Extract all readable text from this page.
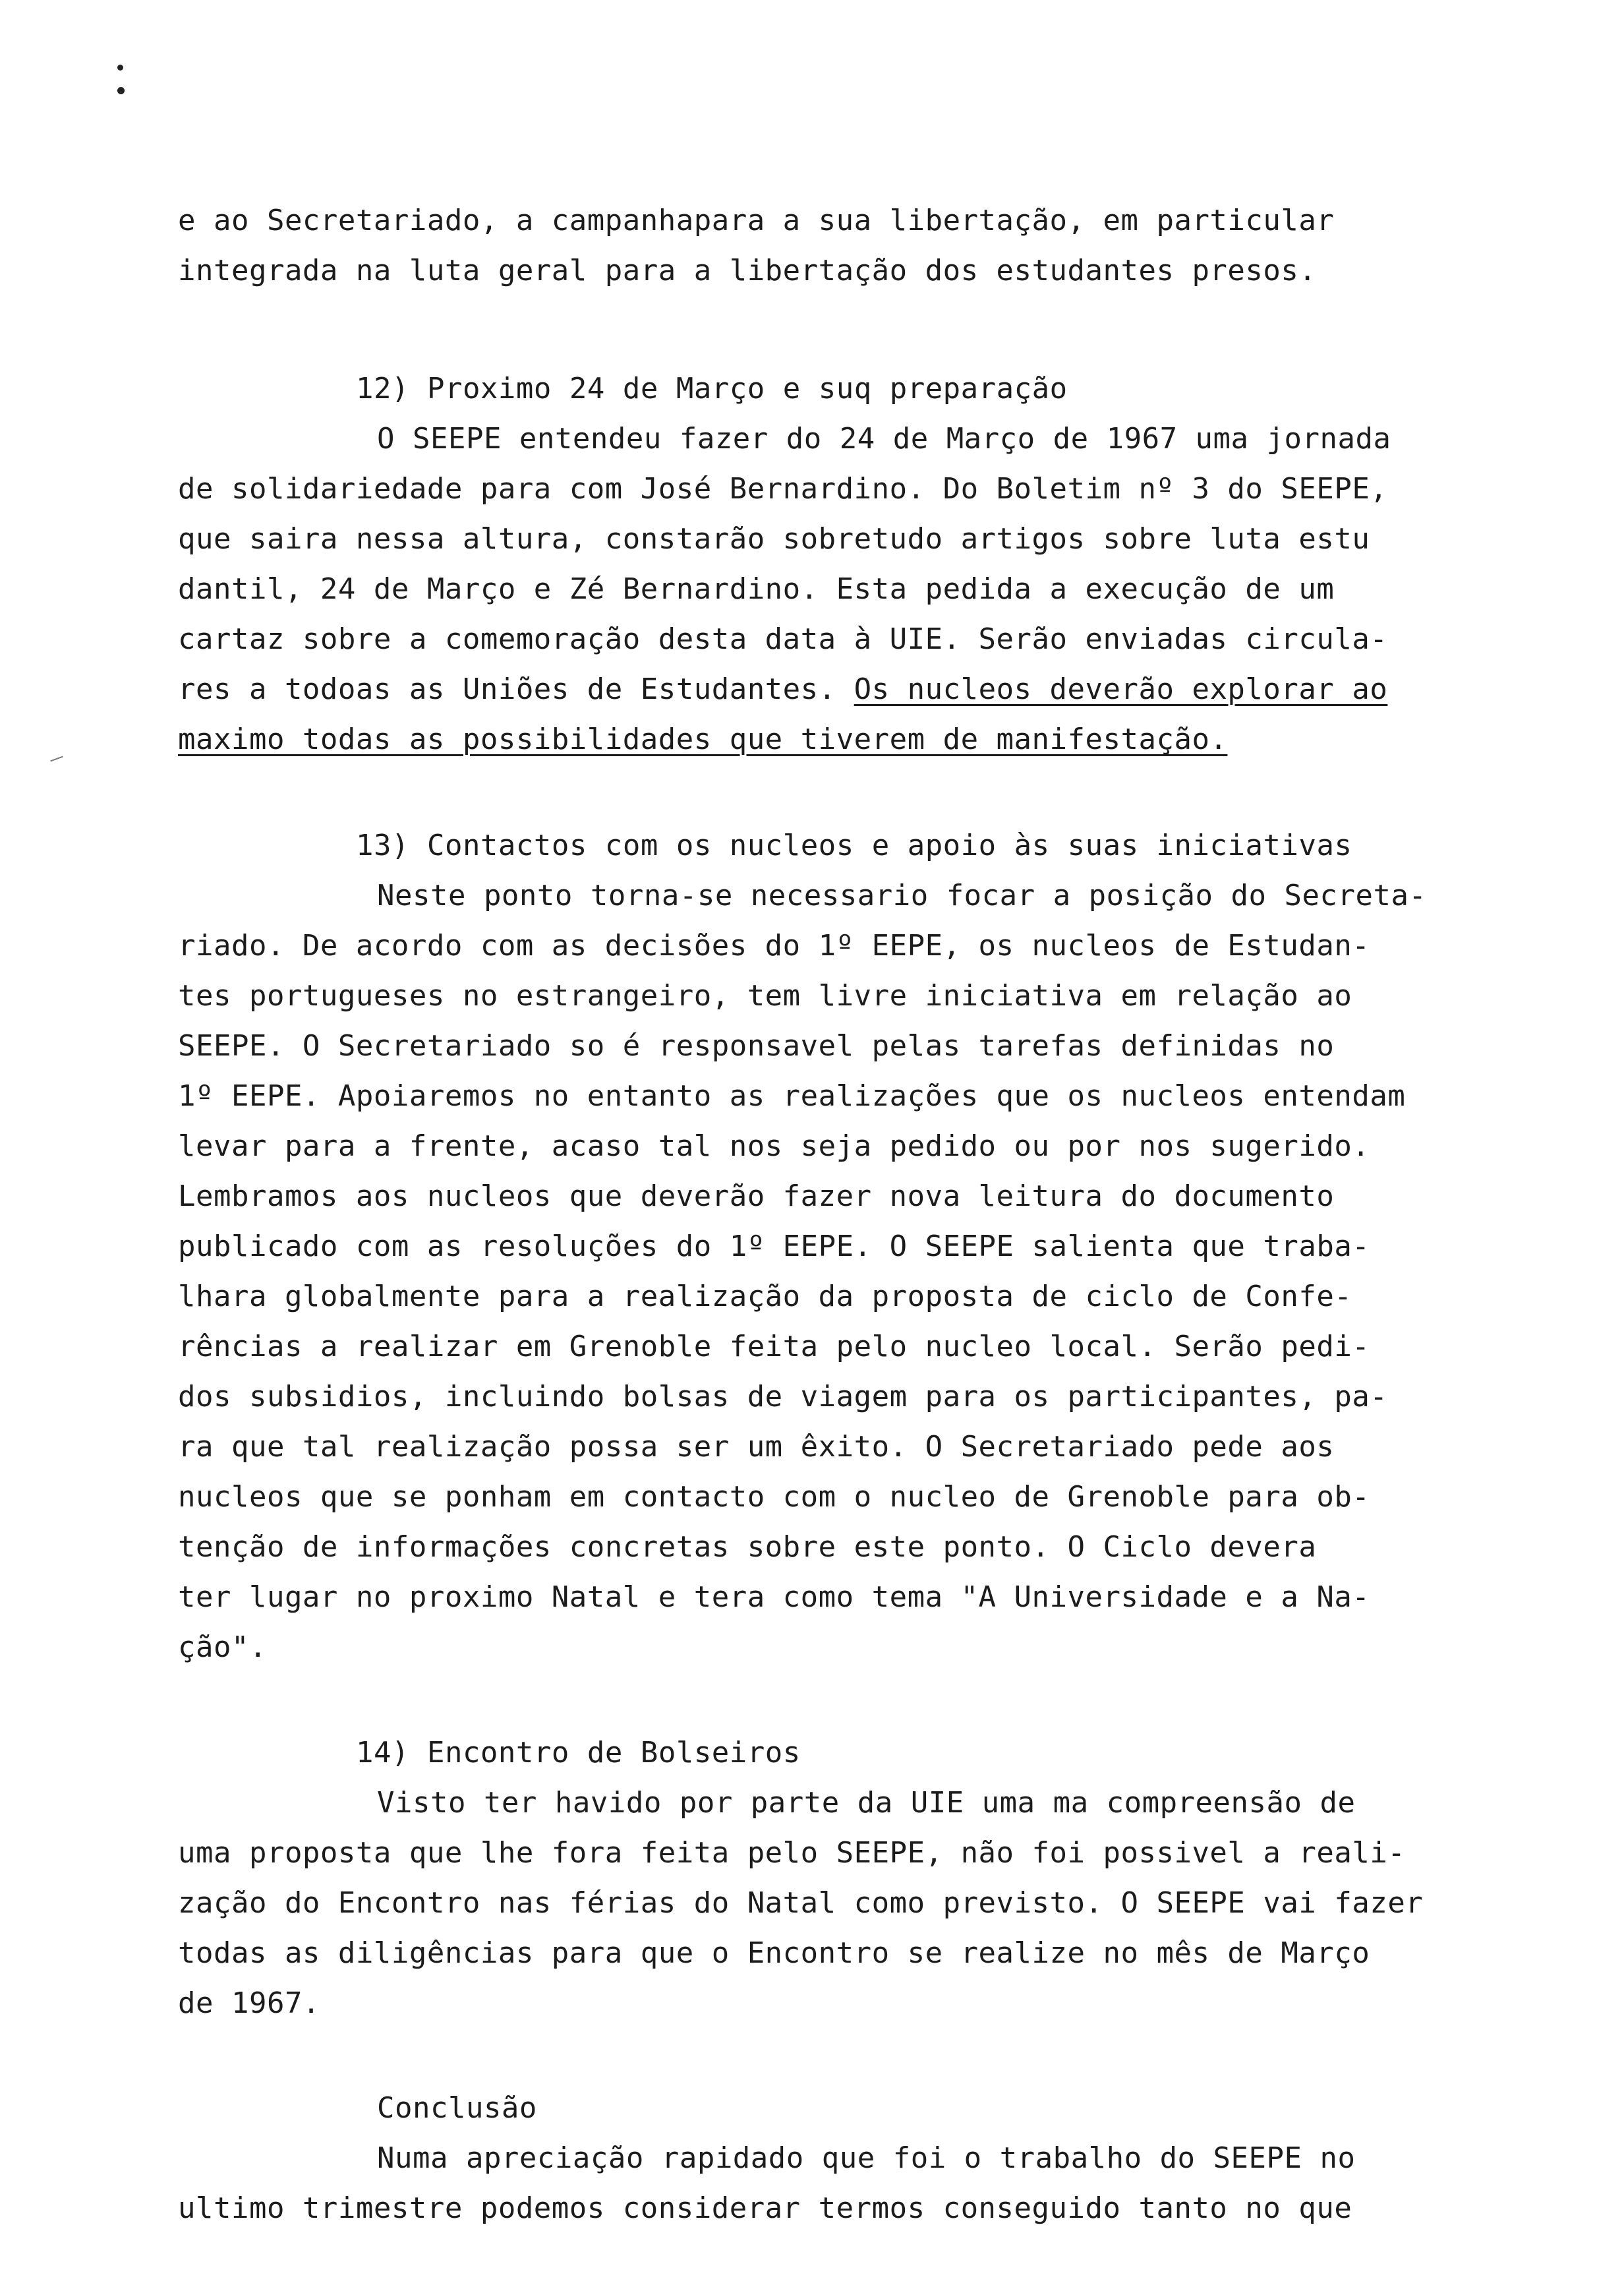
e ao Secretariado, a campanhapara a sua libertação, em particular

integrada na luta geral para a libertação dos estudantes presos.

12) Proximo 24 de Março e suq preparação

O SEEPE entendeu fazer do 24 de Março de 1967 uma jornada

de solidariedade para com José Bernardino. Do Boletim nº 3 do SEEPE,

que saira nessa altura, constarão sobretudo artigos sobre luta estu

dantil, 24 de Março e Zé Bernardino. Esta pedida a execução de um

cartaz sobre a comemoração desta data à UIE. Serão enviadas circula-

res a todoas as Uniões de Estudantes. Os nucleos deverão explorar ao

maximo todas as possibilidades que tiverem de manifestação.

13) Contactos com os nucleos e apoio às suas iniciativas

Neste ponto torna-se necessario focar a posição do Secreta-

riado. De acordo com as decisões do 1º EEPE, os nucleos de Estudan-

tes portugueses no estrangeiro, tem livre iniciativa em relação ao

SEEPE. O Secretariado so é responsavel pelas tarefas definidas no

1º EEPE. Apoiaremos no entanto as realizações que os nucleos entendam

levar para a frente, acaso tal nos seja pedido ou por nos sugerido.

Lembramos aos nucleos que deverão fazer nova leitura do documento

publicado com as resoluções do 1º EEPE. O SEEPE salienta que traba-

lhara globalmente para a realização da proposta de ciclo de Confe-

rências a realizar em Grenoble feita pelo nucleo local. Serão pedi-

dos subsidios, incluindo bolsas de viagem para os participantes, pa-

ra que tal realização possa ser um êxito. O Secretariado pede aos

nucleos que se ponham em contacto com o nucleo de Grenoble para ob-

tenção de informações concretas sobre este ponto. O Ciclo devera

ter lugar no proximo Natal e tera como tema "A Universidade e a Na-

ção".

14) Encontro de Bolseiros

Visto ter havido por parte da UIE uma ma compreensão de

uma proposta que lhe fora feita pelo SEEPE, não foi possivel a reali-

zação do Encontro nas férias do Natal como previsto. O SEEPE vai fazer

todas as diligências para que o Encontro se realize no mês de Março

de 1967.

Conclusão

Numa apreciação rapidado que foi o trabalho do SEEPE no

ultimo trimestre podemos considerar termos conseguido tanto no que
